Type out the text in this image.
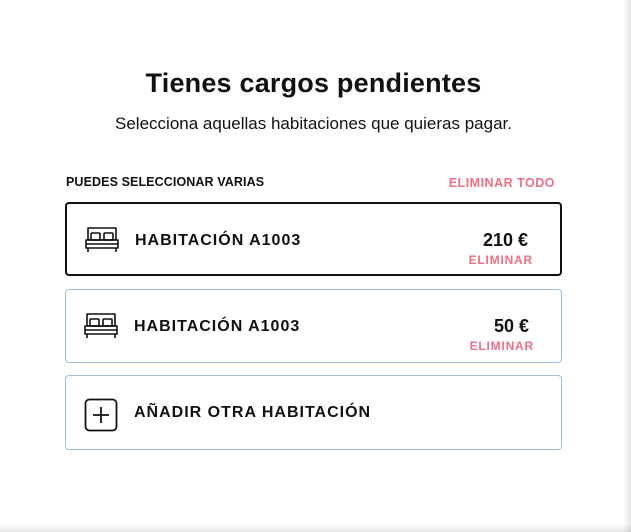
Tienes cargos pendientes
Selecciona aquellas habitaciones que quieras pagar.
PUEDES SELECCIONAR VARIAS	ELIMINAR TODO
HABITACIÓN A1003	210 €
ELIMINAR
HABITACIÓN A1003	50 €
ELIMINAR
AÑADIR OTRA HABITACIÓN
